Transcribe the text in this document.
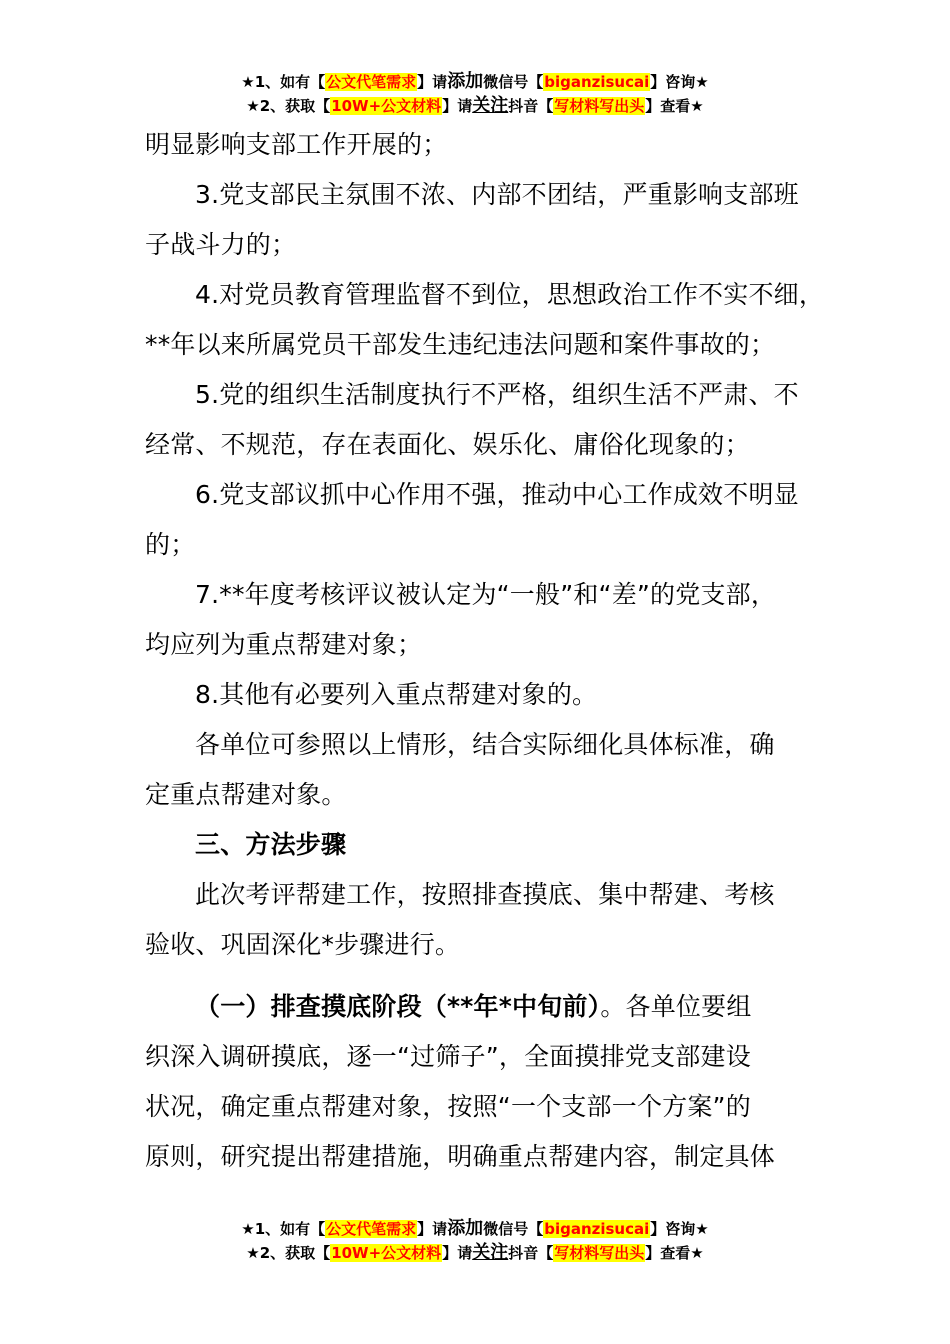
★1、如有【公文代笔需求】请添加微信号【biganzisucai】咨询★
★2、获取【10W+公文材料】请关注抖音【写材料写出头】查看★

明显影响支部工作开展的；

3.党支部民主氛围不浓、内部不团结，严重影响支部班

子战斗力的；

4.对党员教育管理监督不到位，思想政治工作不实不细，

**年以来所属党员干部发生违纪违法问题和案件事故的；

5.党的组织生活制度执行不严格，组织生活不严肃、不

经常、不规范，存在表面化、娱乐化、庸俗化现象的；

6.党支部议抓中心作用不强，推动中心工作成效不明显

的；

7.**年度考核评议被认定为“一般”和“差”的党支部，

均应列为重点帮建对象；

8.其他有必要列入重点帮建对象的。

各单位可参照以上情形，结合实际细化具体标准，确

定重点帮建对象。

三、方法步骤

此次考评帮建工作，按照排查摸底、集中帮建、考核

验收、巩固深化*步骤进行。

（一）排查摸底阶段（**年*中旬前）。各单位要组

织深入调研摸底，逐一“过筛子”，全面摸排党支部建设

状况，确定重点帮建对象，按照“一个支部一个方案”的

原则，研究提出帮建措施，明确重点帮建内容，制定具体

★1、如有【公文代笔需求】请添加微信号【biganzisucai】咨询★
★2、获取【10W+公文材料】请关注抖音【写材料写出头】查看★
